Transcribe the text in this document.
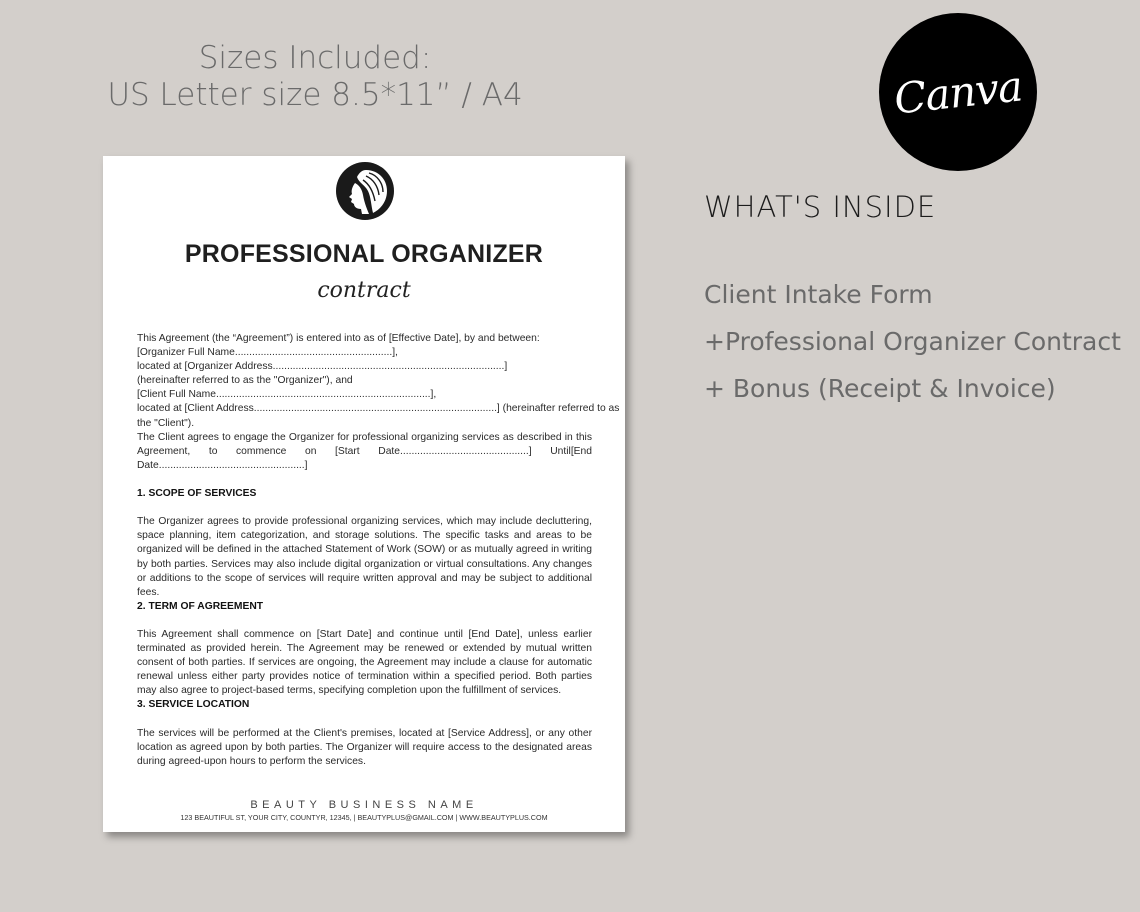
Sizes Included:
US Letter size 8.5*11” / A4	Canva
WHAT'S INSIDE
Client Intake Form
+Professional Organizer Contract
+ Bonus (Receipt & Invoice)
PROFESSIONAL ORGANIZER
contract
This Agreement (the “Agreement”) is entered into as of [Effective Date], by and between:
[Organizer Full Name.......................................................],
located at [Organizer Address.................................................................................]
(hereinafter referred to as the "Organizer"), and
[Client Full Name...........................................................................],
located at [Client Address.....................................................................................] (hereinafter referred to as
the "Client").
The Client agrees to engage the Organizer for professional organizing services as described in this Agreement, to commence on [Start Date.............................................] Until[End Date...................................................]
1. SCOPE OF SERVICES
The Organizer agrees to provide professional organizing services, which may include decluttering, space planning, item categorization, and storage solutions. The specific tasks and areas to be organized will be defined in the attached Statement of Work (SOW) or as mutually agreed in writing by both parties. Services may also include digital organization or virtual consultations. Any changes or additions to the scope of services will require written approval and may be subject to additional fees.
2. TERM OF AGREEMENT
This Agreement shall commence on [Start Date] and continue until [End Date], unless earlier terminated as provided herein. The Agreement may be renewed or extended by mutual written consent of both parties. If services are ongoing, the Agreement may include a clause for automatic renewal unless either party provides notice of termination within a specified period. Both parties may also agree to project-based terms, specifying completion upon the fulfillment of services.
3. SERVICE LOCATION
The services will be performed at the Client's premises, located at [Service Address], or any other location as agreed upon by both parties. The Organizer will require access to the designated areas during agreed-upon hours to perform the services.
BEAUTY BUSINESS NAME
123 BEAUTIFUL ST, YOUR CITY, COUNTYR, 12345, | BEAUTYPLUS@GMAIL.COM | WWW.BEAUTYPLUS.COM
